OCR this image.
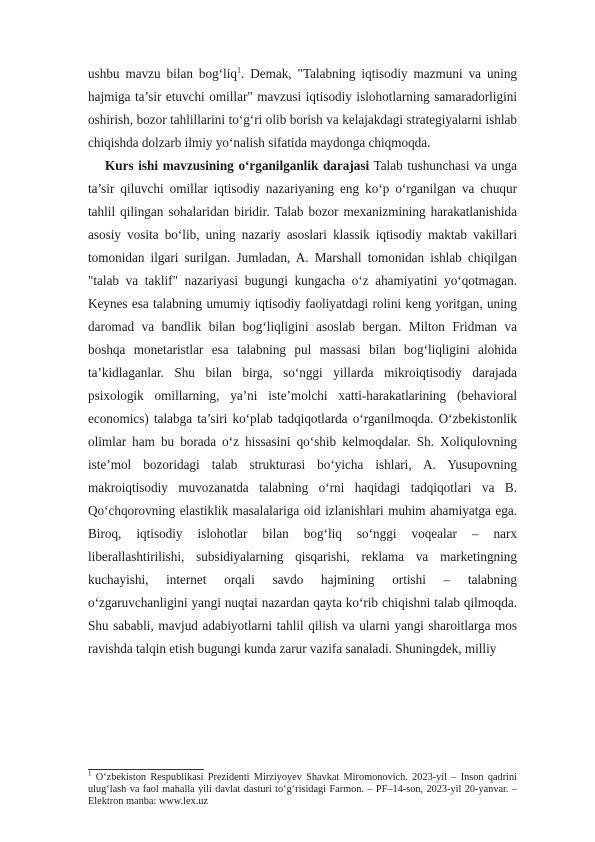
ushbu mavzu bilan bog‘liq$^1$. Demak, "Talabning iqtisodiy mazmuni va uning hajmiga ta’sir etuvchi omillar" mavzusi iqtisodiy islohotlarning samaradorligini oshirish, bozor tahlillarini to‘g‘ri olib borish va kelajakdagi strategiyalarni ishlab chiqishda dolzarb ilmiy yo‘nalish sifatida maydonga chiqmoqda.

Kurs ishi mavzusining o‘rganilganlik darajasi Talab tushunchasi va unga ta’sir qiluvchi omillar iqtisodiy nazariyaning eng ko‘p o‘rganilgan va chuqur tahlil qilingan sohalaridan biridir. Talab bozor mexanizmining harakatlanishida asosiy vosita bo‘lib, uning nazariy asoslari klassik iqtisodiy maktab vakillari tomonidan ilgari surilgan. Jumladan, A. Marshall tomonidan ishlab chiqilgan "talab va taklif" nazariyasi bugungi kungacha o‘z ahamiyatini yo‘qotmagan. Keynes esa talabning umumiy iqtisodiy faoliyatdagi rolini keng yoritgan, uning daromad va bandlik bilan bog‘liqligini asoslab bergan. Milton Fridman va boshqa monetaristlar esa talabning pul massasi bilan bog‘liqligini alohida ta’kidlaganlar. Shu bilan birga, so‘nggi yillarda mikroiqtisodiy darajada psixologik omillarning, ya’ni iste’molchi xatti-harakatlarining (behavioral economics) talabga ta’siri ko‘plab tadqiqotlarda o‘rganilmoqda. O‘zbekistonlik olimlar ham bu borada o‘z hissasini qo‘shib kelmoqdalar. Sh. Xoliqulovning iste’mol bozoridagi talab strukturasi bo‘yicha ishlari, A. Yusupovning makroiqtisodiy muvozanatda talabning o‘rni haqidagi tadqiqotlari va B. Qo‘chqorovning elastiklik masalalariga oid izlanishlari muhim ahamiyatga ega. Biroq, iqtisodiy islohotlar bilan bog‘liq so‘nggi voqealar – narx liberallashtirilishi, subsidiyalarning qisqarishi, reklama va marketingning kuchayishi, internet orqali savdo hajmining ortishi – talabning o‘zgaruvchanligini yangi nuqtai nazardan qayta ko‘rib chiqishni talab qilmoqda. Shu sababli, mavjud adabiyotlarni tahlil qilish va ularni yangi sharoitlarga mos ravishda talqin etish bugungi kunda zarur vazifa sanaladi. Shuningdek, milliy

$^1$ O‘zbekiston Respublikasi Prezidenti Mirziyoyev Shavkat Miromonovich. 2023-yil – Inson qadrini ulug‘lash va faol mahalla yili davlat dasturi to‘g‘risidagi Farmon. – PF–14-son, 2023-yil 20-yanvar. – Elektron manba: www.lex.uz
